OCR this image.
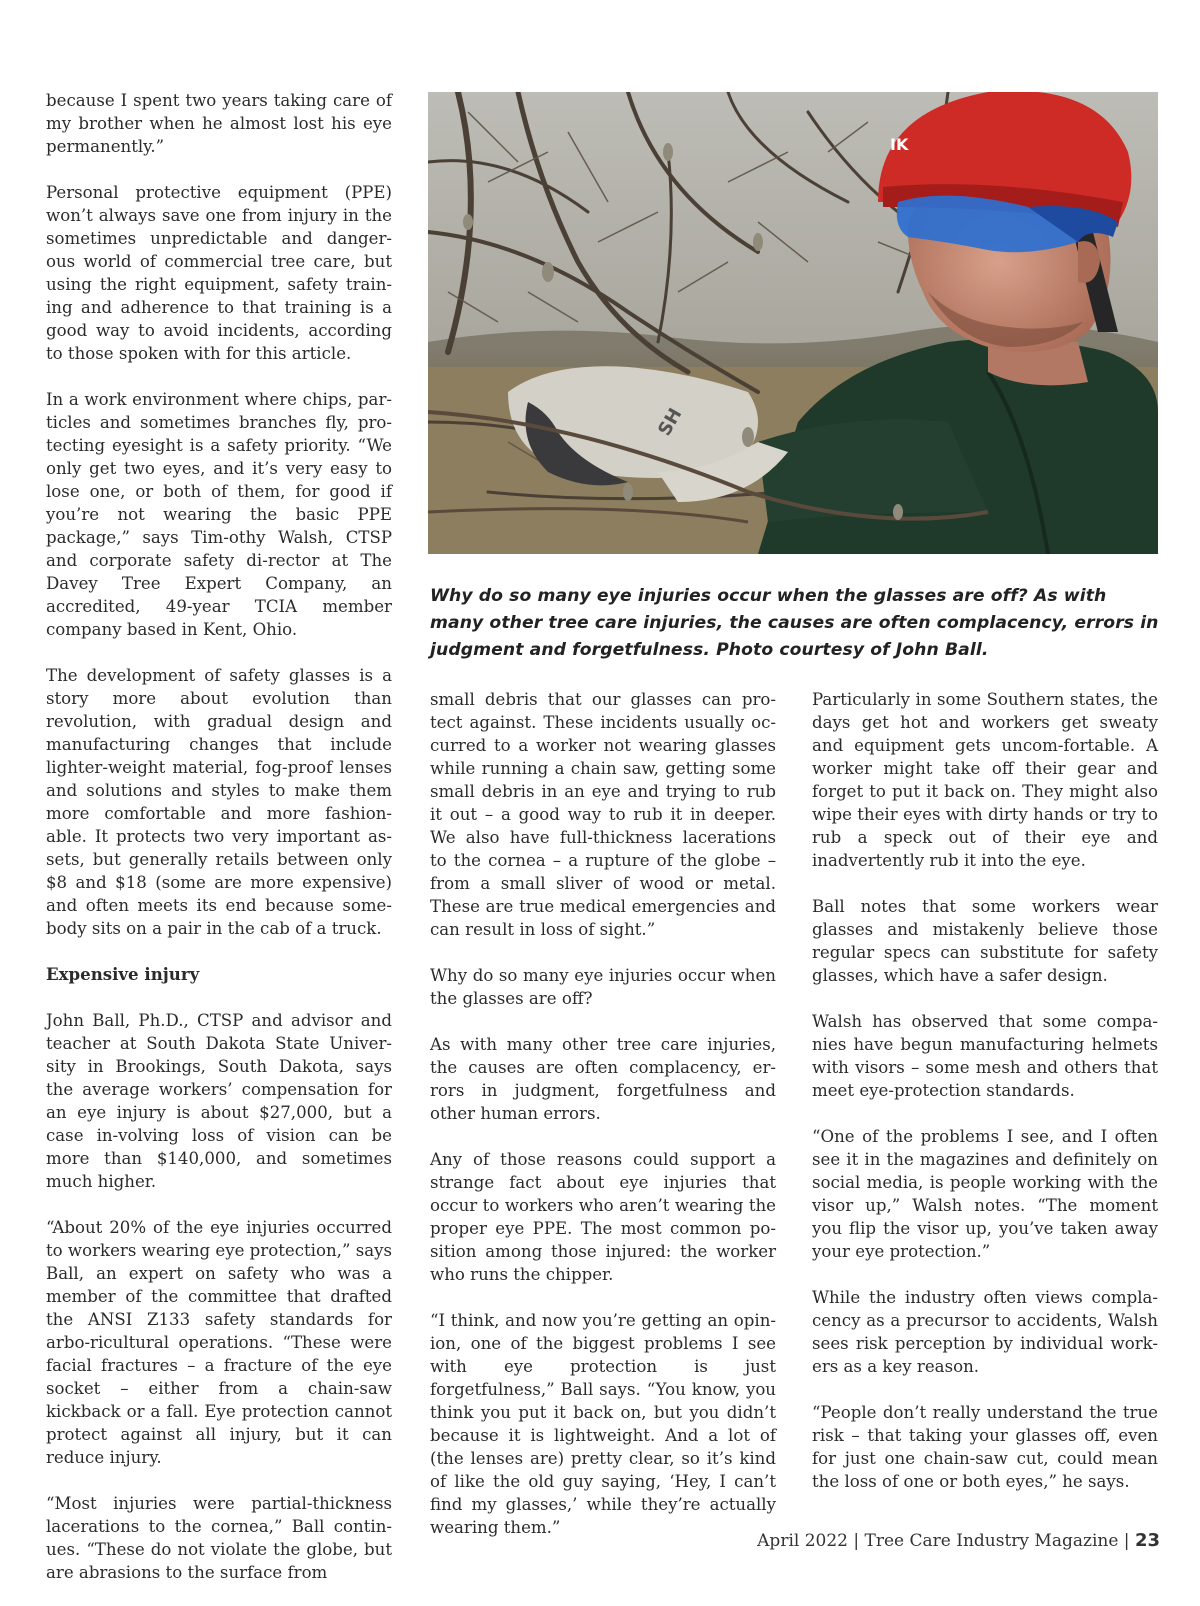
because I spent two years taking care of my brother when he almost lost his eye permanently.”

Personal protective equipment (PPE) won’t always save one from injury in the sometimes unpredictable and danger-ous world of commercial tree care, but using the right equipment, safety train-ing and adherence to that training is a good way to avoid incidents, according to those spoken with for this article.

In a work environment where chips, par-ticles and sometimes branches fly, pro-tecting eyesight is a safety priority. “We only get two eyes, and it’s very easy to lose one, or both of them, for good if you’re not wearing the basic PPE package,” says Tim-othy Walsh, CTSP and corporate safety di-rector at The Davey Tree Expert Company, an accredited, 49-year TCIA member company based in Kent, Ohio.

The development of safety glasses is a story more about evolution than revolution, with gradual design and manufacturing changes that include lighter-weight material, fog-proof lenses and solutions and styles to make them more comfortable and more fashion-able. It protects two very important as-sets, but generally retails between only $8 and $18 (some are more expensive) and often meets its end because some-body sits on a pair in the cab of a truck.

Expensive injury

John Ball, Ph.D., CTSP and advisor and teacher at South Dakota State Univer-sity in Brookings, South Dakota, says the average workers’ compensation for an eye injury is about $27,000, but a case in-volving loss of vision can be more than $140,000, and sometimes much higher.

“About 20% of the eye injuries occurred to workers wearing eye protection,” says Ball, an expert on safety who was a member of the committee that drafted the ANSI Z133 safety standards for arbo-ricultural operations. “These were facial fractures – a fracture of the eye socket – either from a chain-saw kickback or a fall. Eye protection cannot protect against all injury, but it can reduce injury.

“Most injuries were partial-thickness lacerations to the cornea,” Ball contin-ues. “These do not violate the globe, but are abrasions to the surface from

IK
SH
Why do so many eye injuries occur when the glasses are off? As with many other tree care injuries, the causes are often complacency, errors in judgment and forgetfulness. Photo courtesy of John Ball.

small debris that our glasses can pro-tect against. These incidents usually oc-curred to a worker not wearing glasses while running a chain saw, getting some small debris in an eye and trying to rub it out – a good way to rub it in deeper. We also have full-thickness lacerations to the cornea – a rupture of the globe – from a small sliver of wood or metal. These are true medical emergencies and can result in loss of sight.”

Why do so many eye injuries occur when the glasses are off?

As with many other tree care injuries, the causes are often complacency, er-rors in judgment, forgetfulness and other human errors.

Any of those reasons could support a strange fact about eye injuries that occur to workers who aren’t wearing the proper eye PPE. The most common po-sition among those injured: the worker who runs the chipper.

“I think, and now you’re getting an opin-ion, one of the biggest problems I see with eye protection is just forgetfulness,” Ball says. “You know, you think you put it back on, but you didn’t because it is lightweight. And a lot of (the lenses are) pretty clear, so it’s kind of like the old guy saying, ‘Hey, I can’t find my glasses,’ while they’re actually wearing them.”

Particularly in some Southern states, the days get hot and workers get sweaty and equipment gets uncom-fortable. A worker might take off their gear and forget to put it back on. They might also wipe their eyes with dirty hands or try to rub a speck out of their eye and inadvertently rub it into the eye.

Ball notes that some workers wear glasses and mistakenly believe those regular specs can substitute for safety glasses, which have a safer design.

Walsh has observed that some compa-nies have begun manufacturing helmets with visors – some mesh and others that meet eye-protection standards.

“One of the problems I see, and I often see it in the magazines and definitely on social media, is people working with the visor up,” Walsh notes. “The moment you flip the visor up, you’ve taken away your eye protection.”

While the industry often views compla-cency as a precursor to accidents, Walsh sees risk perception by individual work-ers as a key reason.

“People don’t really understand the true risk – that taking your glasses off, even for just one chain-saw cut, could mean the loss of one or both eyes,” he says.

April 2022 | Tree Care Industry Magazine | 23
